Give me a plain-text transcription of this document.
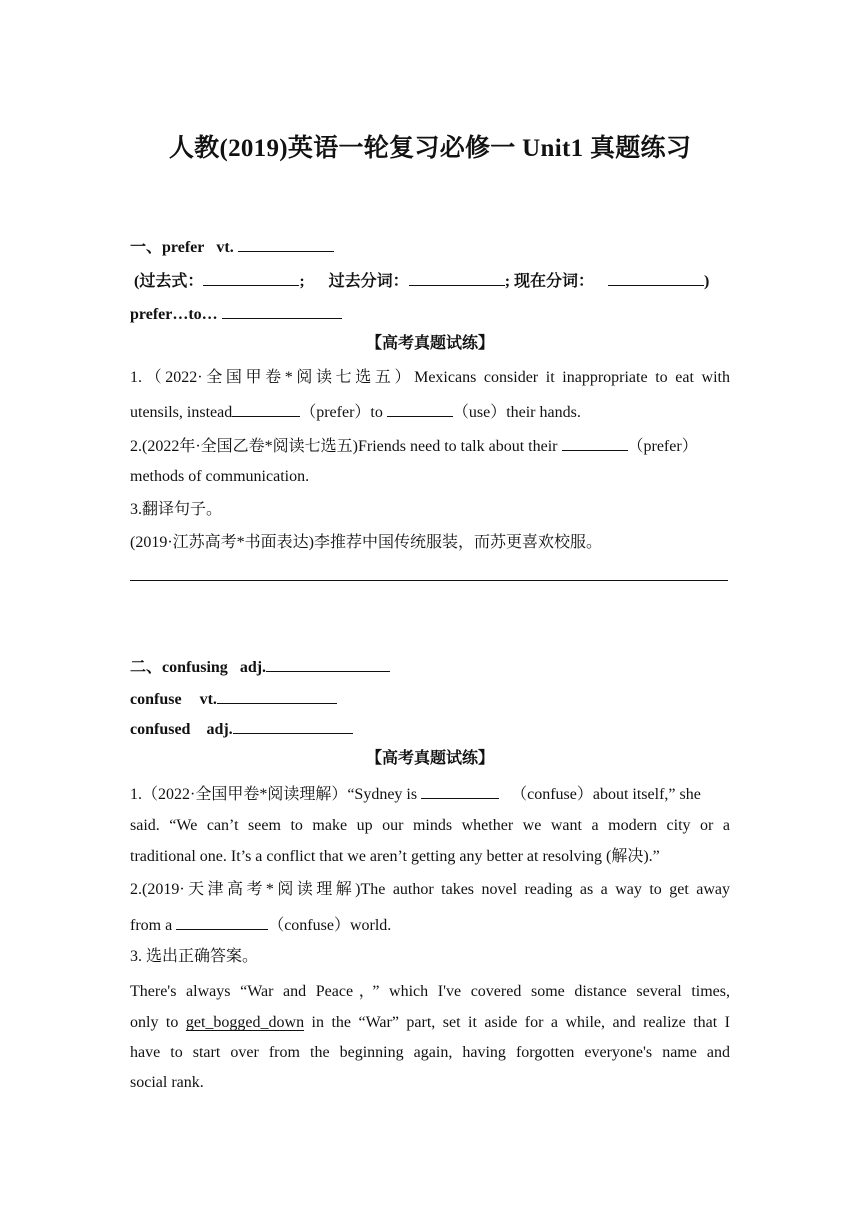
人教(2019)英语一轮复习必修一 Unit1 真题练习
一、prefer vt.
(过去式：	; 过去分词：	; 现在分词：	)
prefer…to…
【高考真题试练】
1.（2022·全国甲卷*阅读七选五）Mexicans consider it inappropriate to eat with
utensils, instead	（prefer）to	（use）their hands.
2.(2022年·全国乙卷*阅读七选五)Friends need to talk about their	（prefer）
methods of communication.
3.翻译句子。
(2019·江苏高考*书面表达)李推荐中国传统服装，而苏更喜欢校服。
二、confusing adj.
confuse vt.
confused adj.
【高考真题试练】
1.（2022·全国甲卷*阅读理解）“Sydney is	（confuse）about itself,” she
said. “We can’t seem to make up our minds whether we want a modern city or a
traditional one. It’s a conflict that we aren’t getting any better at resolving (解决).”
2.(2019·天津高考*阅读理解)The author takes novel reading as a way to get away
from a	（confuse）world.
3. 选出正确答案。
There's always “War and Peace，” which I've covered some distance several times,
only to get_bogged_down in the “War” part, set it aside for a while, and realize that I
have to start over from the beginning again, having forgotten everyone's name and
social rank.
